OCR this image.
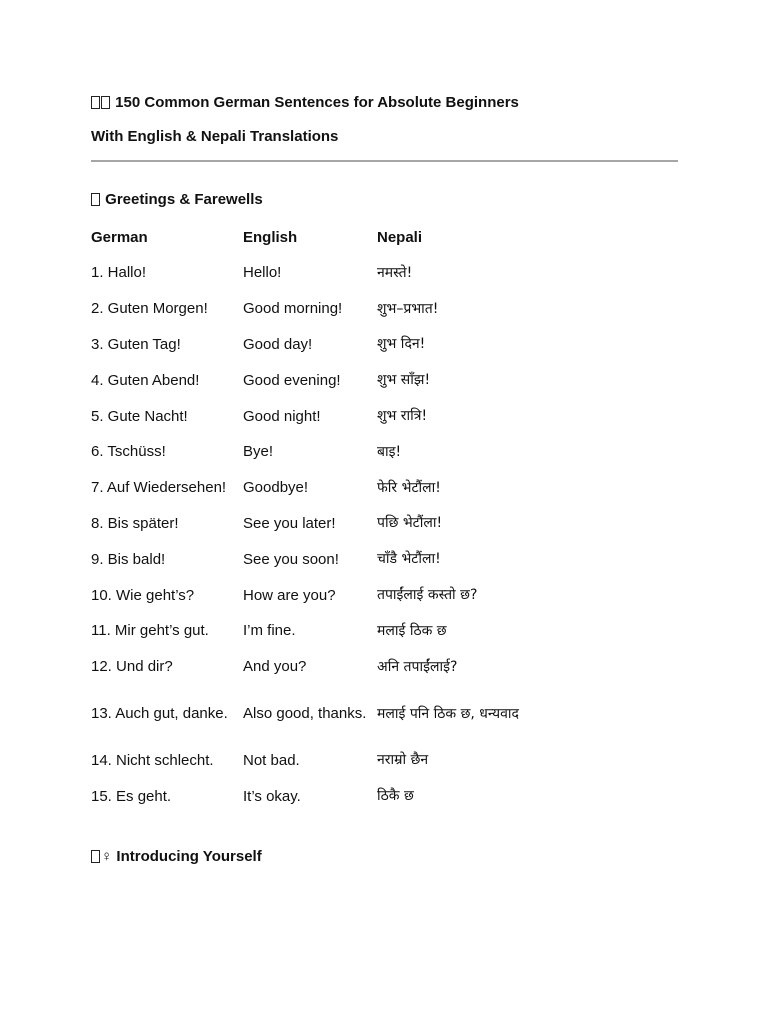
150 Common German Sentences for Absolute Beginners
With English & Nepali Translations
Greetings & Farewells
German	English	Nepali
1. Hallo!	Hello!	नमस्ते!
2. Guten Morgen!	Good morning!	शुभ–प्रभात!
3. Guten Tag!	Good day!	शुभ दिन!
4. Guten Abend!	Good evening!	शुभ साँझ!
5. Gute Nacht!	Good night!	शुभ रात्रि!
6. Tschüss!	Bye!	बाइ!
7. Auf Wiedersehen!	Goodbye!	फेरि भेटौंला!
8. Bis später!	See you later!	पछि भेटौंला!
9. Bis bald!	See you soon!	चाँडै भेटौंला!
10. Wie geht’s?	How are you?	तपाईंलाई कस्तो छ?
11. Mir geht’s gut.	I’m fine.	मलाई ठिक छ
12. Und dir?	And you?	अनि तपाईंलाई?
13. Auch gut, danke.	Also good, thanks.	मलाई पनि ठिक छ, धन्यवाद
14. Nicht schlecht.	Not bad.	नराम्रो छैन
15. Es geht.	It’s okay.	ठिकै छ
♀ Introducing Yourself
